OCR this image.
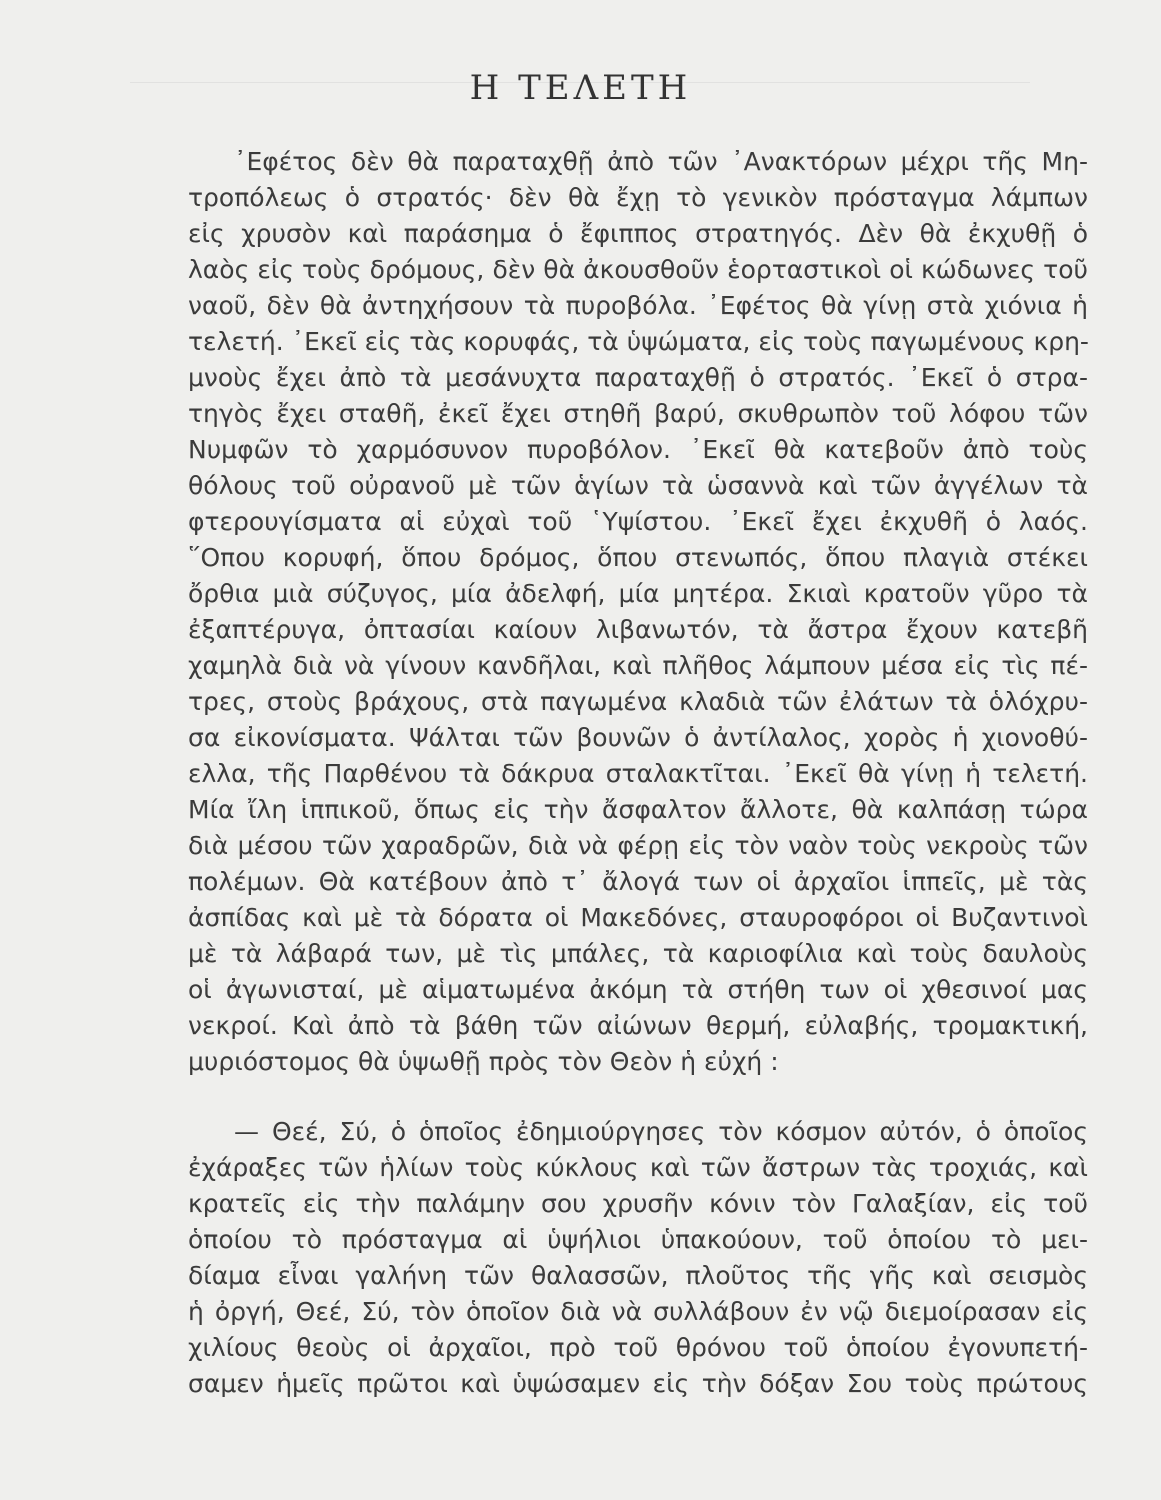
Η ΤΕΛΕΤΗ
᾿Εφέτος δὲν θὰ παραταχθῇ ἀπὸ τῶν ᾿Ανακτόρων μέχρι τῆς Μη-
τροπόλεως ὁ στρατός· δὲν θὰ ἔχῃ τὸ γενικὸν πρόσταγμα λάμπων
εἰς χρυσὸν καὶ παράσημα ὁ ἔφιππος στρατηγός. Δὲν θὰ ἐκχυθῇ ὁ
λαὸς εἰς τοὺς δρόμους, δὲν θὰ ἀκουσθοῦν ἑορταστικοὶ οἱ κώδωνες τοῦ
ναοῦ, δὲν θὰ ἀντηχήσουν τὰ πυροβόλα. ᾿Εφέτος θὰ γίνῃ στὰ χιόνια ἡ
τελετή. ᾿Εκεῖ εἰς τὰς κορυφάς, τὰ ὑψώματα, εἰς τοὺς παγωμένους κρη-
μνοὺς ἔχει ἀπὸ τὰ μεσάνυχτα παραταχθῇ ὁ στρατός. ᾿Εκεῖ ὁ στρα-
τηγὸς ἔχει σταθῆ, ἐκεῖ ἔχει στηθῆ βαρύ, σκυθρωπὸν τοῦ λόφου τῶν
Νυμφῶν τὸ χαρμόσυνον πυροβόλον. ᾿Εκεῖ θὰ κατεβοῦν ἀπὸ τοὺς
θόλους τοῦ οὐρανοῦ μὲ τῶν ἁγίων τὰ ὡσαννὰ καὶ τῶν ἀγγέλων τὰ
φτερουγίσματα αἱ εὐχαὶ τοῦ ῾Υψίστου. ᾿Εκεῖ ἔχει ἐκχυθῆ ὁ λαός.
῞Οπου κορυφή, ὅπου δρόμος, ὅπου στενωπός, ὅπου πλαγιὰ στέκει
ὄρθια μιὰ σύζυγος, μία ἀδελφή, μία μητέρα. Σκιαὶ κρατοῦν γῦρο τὰ
ἐξαπτέρυγα, ὀπτασίαι καίουν λιβανωτόν, τὰ ἄστρα ἔχουν κατεβῆ
χαμηλὰ διὰ νὰ γίνουν κανδῆλαι, καὶ πλῆθος λάμπουν μέσα εἰς τὶς πέ-
τρες, στοὺς βράχους, στὰ παγωμένα κλαδιὰ τῶν ἐλάτων τὰ ὁλόχρυ-
σα εἰκονίσματα. Ψάλται τῶν βουνῶν ὁ ἀντίλαλος, χορὸς ἡ χιονοθύ-
ελλα, τῆς Παρθένου τὰ δάκρυα σταλακτῖται. ᾿Εκεῖ θὰ γίνῃ ἡ τελετή.
Μία ἴλη ἱππικοῦ, ὅπως εἰς τὴν ἄσφαλτον ἄλλοτε, θὰ καλπάσῃ τώρα
διὰ μέσου τῶν χαραδρῶν, διὰ νὰ φέρῃ εἰς τὸν ναὸν τοὺς νεκροὺς τῶν
πολέμων. Θὰ κατέβουν ἀπὸ τ᾿ ἄλογά των οἱ ἀρχαῖοι ἱππεῖς, μὲ τὰς
ἀσπίδας καὶ μὲ τὰ δόρατα οἱ Μακεδόνες, σταυροφόροι οἱ Βυζαντινοὶ
μὲ τὰ λάβαρά των, μὲ τὶς μπάλες, τὰ καριοφίλια καὶ τοὺς δαυλοὺς
οἱ ἀγωνισταί, μὲ αἱματωμένα ἀκόμη τὰ στήθη των οἱ χθεσινοί μας
νεκροί. Καὶ ἀπὸ τὰ βάθη τῶν αἰώνων θερμή, εὐλαβής, τρομακτική,
μυριόστομος θὰ ὑψωθῇ πρὸς τὸν Θεὸν ἡ εὐχή :
— Θεέ, Σύ, ὁ ὁποῖος ἐδημιούργησες τὸν κόσμον αὐτόν, ὁ ὁποῖος
ἐχάραξες τῶν ἡλίων τοὺς κύκλους καὶ τῶν ἄστρων τὰς τροχιάς, καὶ
κρατεῖς εἰς τὴν παλάμην σου χρυσῆν κόνιν τὸν Γαλαξίαν, εἰς τοῦ
ὁποίου τὸ πρόσταγμα αἱ ὑψήλιοι ὑπακούουν, τοῦ ὁποίου τὸ μει-
δίαμα εἶναι γαλήνη τῶν θαλασσῶν, πλοῦτος τῆς γῆς καὶ σεισμὸς
ἡ ὀργή, Θεέ, Σύ, τὸν ὁποῖον διὰ νὰ συλλάβουν ἐν νῷ διεμοίρασαν εἰς
χιλίους θεοὺς οἱ ἀρχαῖοι, πρὸ τοῦ θρόνου τοῦ ὁποίου ἐγονυπετή-
σαμεν ἡμεῖς πρῶτοι καὶ ὑψώσαμεν εἰς τὴν δόξαν Σου τοὺς πρώτους
